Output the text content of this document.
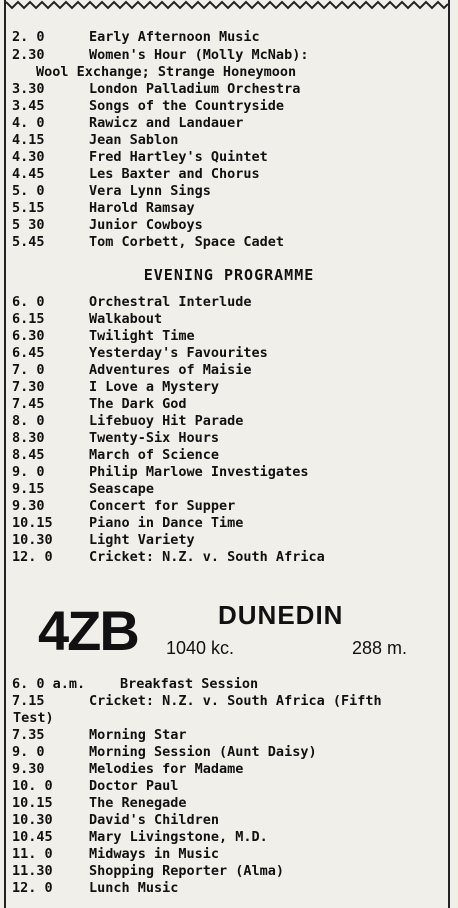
2. 0	Early Afternoon Music
2.30	Women's Hour (Molly McNab):
Wool Exchange; Strange Honeymoon
3.30	London Palladium Orchestra
3.45	Songs of the Countryside
4. 0	Rawicz and Landauer
4.15	Jean Sablon
4.30	Fred Hartley's Quintet
4.45	Les Baxter and Chorus
5. 0	Vera Lynn Sings
5.15	Harold Ramsay
5 30	Junior Cowboys
5.45	Tom Corbett, Space Cadet
EVENING PROGRAMME
6. 0	Orchestral Interlude
6.15	Walkabout
6.30	Twilight Time
6.45	Yesterday's Favourites
7. 0	Adventures of Maisie
7.30	I Love a Mystery
7.45	The Dark God
8. 0	Lifebuoy Hit Parade
8.30	Twenty-Six Hours
8.45	March of Science
9. 0	Philip Marlowe Investigates
9.15	Seascape
9.30	Concert for Supper
10.15	Piano in Dance Time
10.30	Light Variety
12. 0	Cricket: N.Z. v. South Africa
4ZB	DUNEDIN
1040 kc.	288 m.
6. 0 a.m.	Breakfast Session
7.15	Cricket: N.Z. v. South Africa (Fifth
Test)
7.35	Morning Star
9. 0	Morning Session (Aunt Daisy)
9.30	Melodies for Madame
10. 0	Doctor Paul
10.15	The Renegade
10.30	David's Children
10.45	Mary Livingstone, M.D.
11. 0	Midways in Music
11.30	Shopping Reporter (Alma)
12. 0	Lunch Music
